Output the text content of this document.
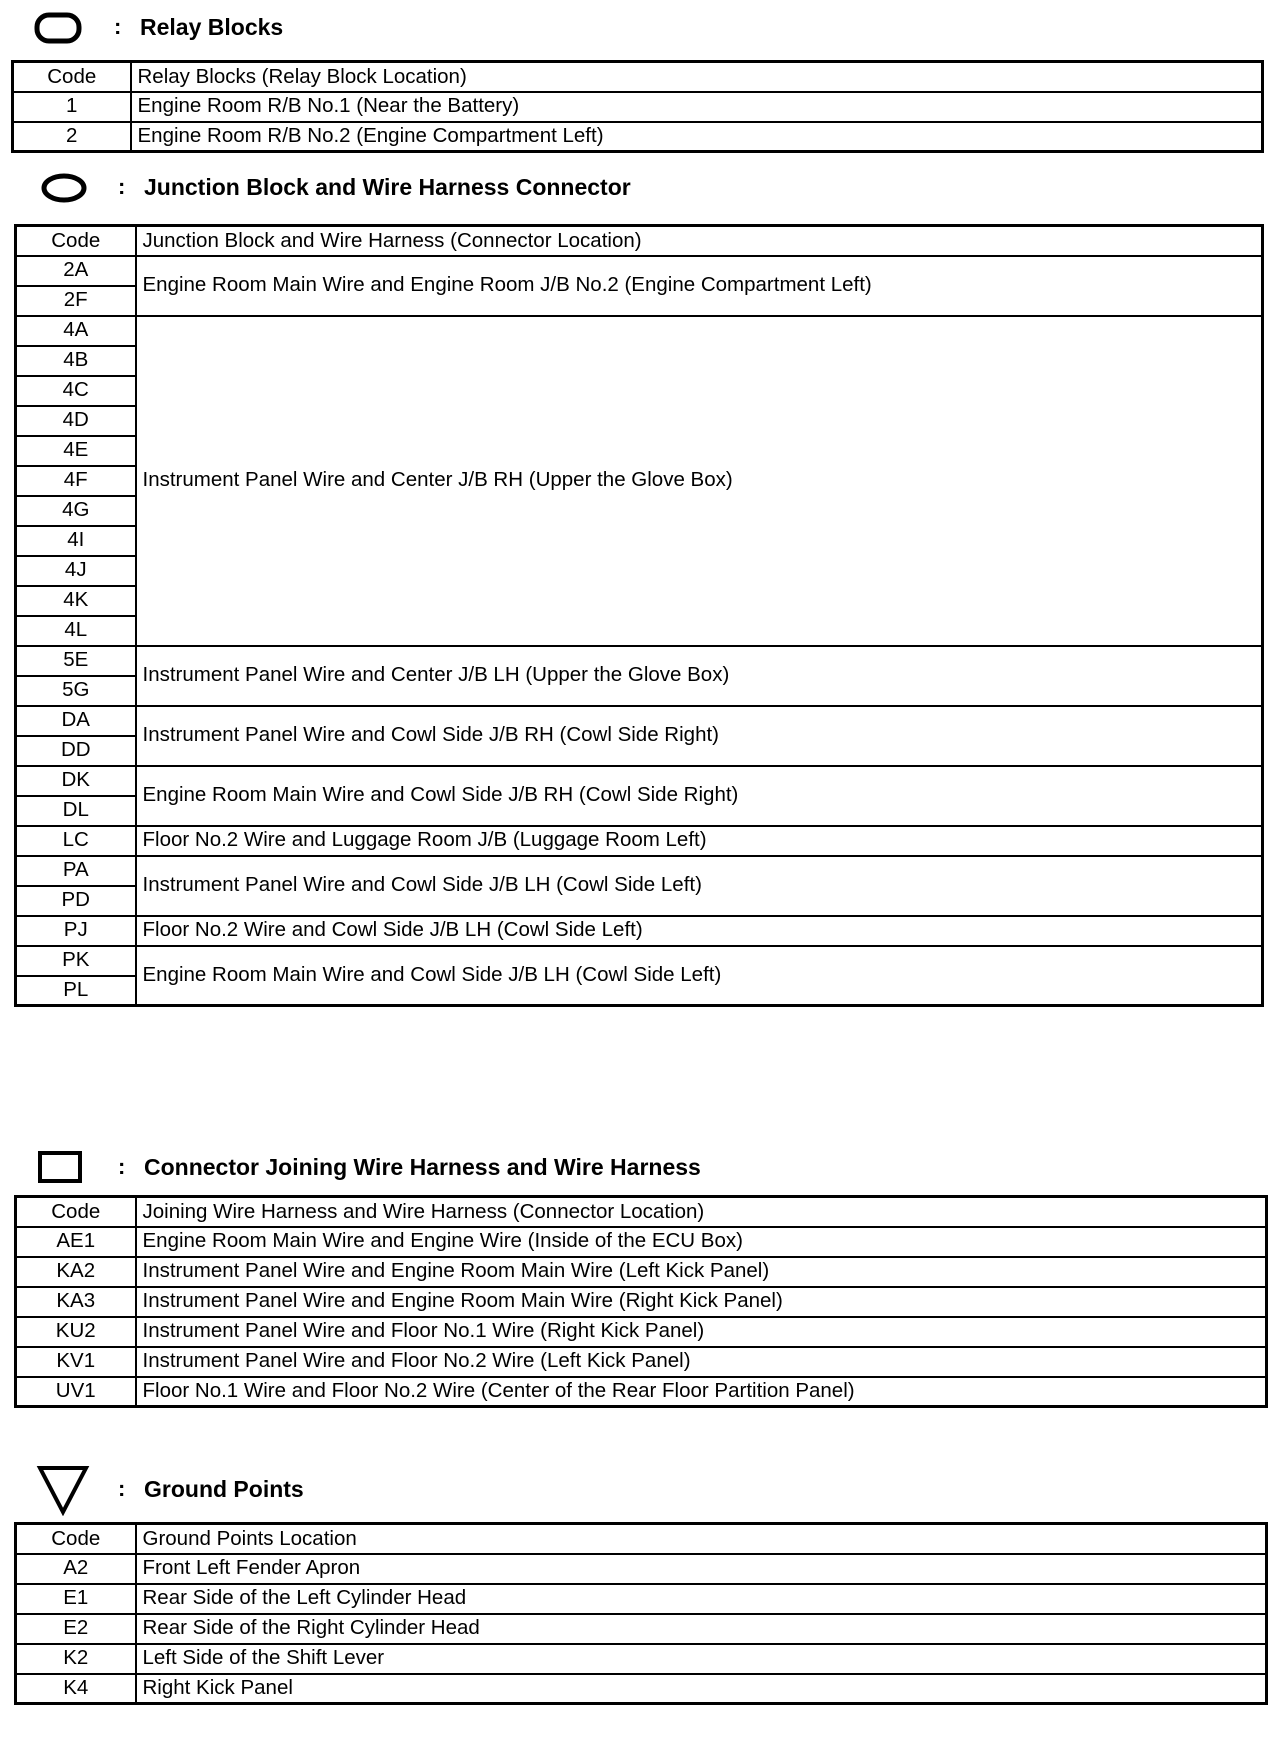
: Relay Blocks
Code	Relay Blocks (Relay Block Location)
1	Engine Room R/B No.1 (Near the Battery)
2	Engine Room R/B No.2 (Engine Compartment Left)
: Junction Block and Wire Harness Connector
Code	Junction Block and Wire Harness (Connector Location)
2A	Engine Room Main Wire and Engine Room J/B No.2 (Engine Compartment Left)
2F	
4A	Instrument Panel Wire and Center J/B RH (Upper the Glove Box)
4B	
4C	
4D	
4E	
4F	
4G	
4I	
4J	
4K	
4L	
5E	Instrument Panel Wire and Center J/B LH (Upper the Glove Box)
5G	
DA	Instrument Panel Wire and Cowl Side J/B RH (Cowl Side Right)
DD	
DK	Engine Room Main Wire and Cowl Side J/B RH (Cowl Side Right)
DL	
LC	Floor No.2 Wire and Luggage Room J/B (Luggage Room Left)
PA	Instrument Panel Wire and Cowl Side J/B LH (Cowl Side Left)
PD	
PJ	Floor No.2 Wire and Cowl Side J/B LH (Cowl Side Left)
PK	Engine Room Main Wire and Cowl Side J/B LH (Cowl Side Left)
PL	
: Connector Joining Wire Harness and Wire Harness
Code	Joining Wire Harness and Wire Harness (Connector Location)
AE1	Engine Room Main Wire and Engine Wire (Inside of the ECU Box)
KA2	Instrument Panel Wire and Engine Room Main Wire (Left Kick Panel)
KA3	Instrument Panel Wire and Engine Room Main Wire (Right Kick Panel)
KU2	Instrument Panel Wire and Floor No.1 Wire (Right Kick Panel)
KV1	Instrument Panel Wire and Floor No.2 Wire (Left Kick Panel)
UV1	Floor No.1 Wire and Floor No.2 Wire (Center of the Rear Floor Partition Panel)
: Ground Points
Code	Ground Points Location
A2	Front Left Fender Apron
E1	Rear Side of the Left Cylinder Head
E2	Rear Side of the Right Cylinder Head
K2	Left Side of the Shift Lever
K4	Right Kick Panel
